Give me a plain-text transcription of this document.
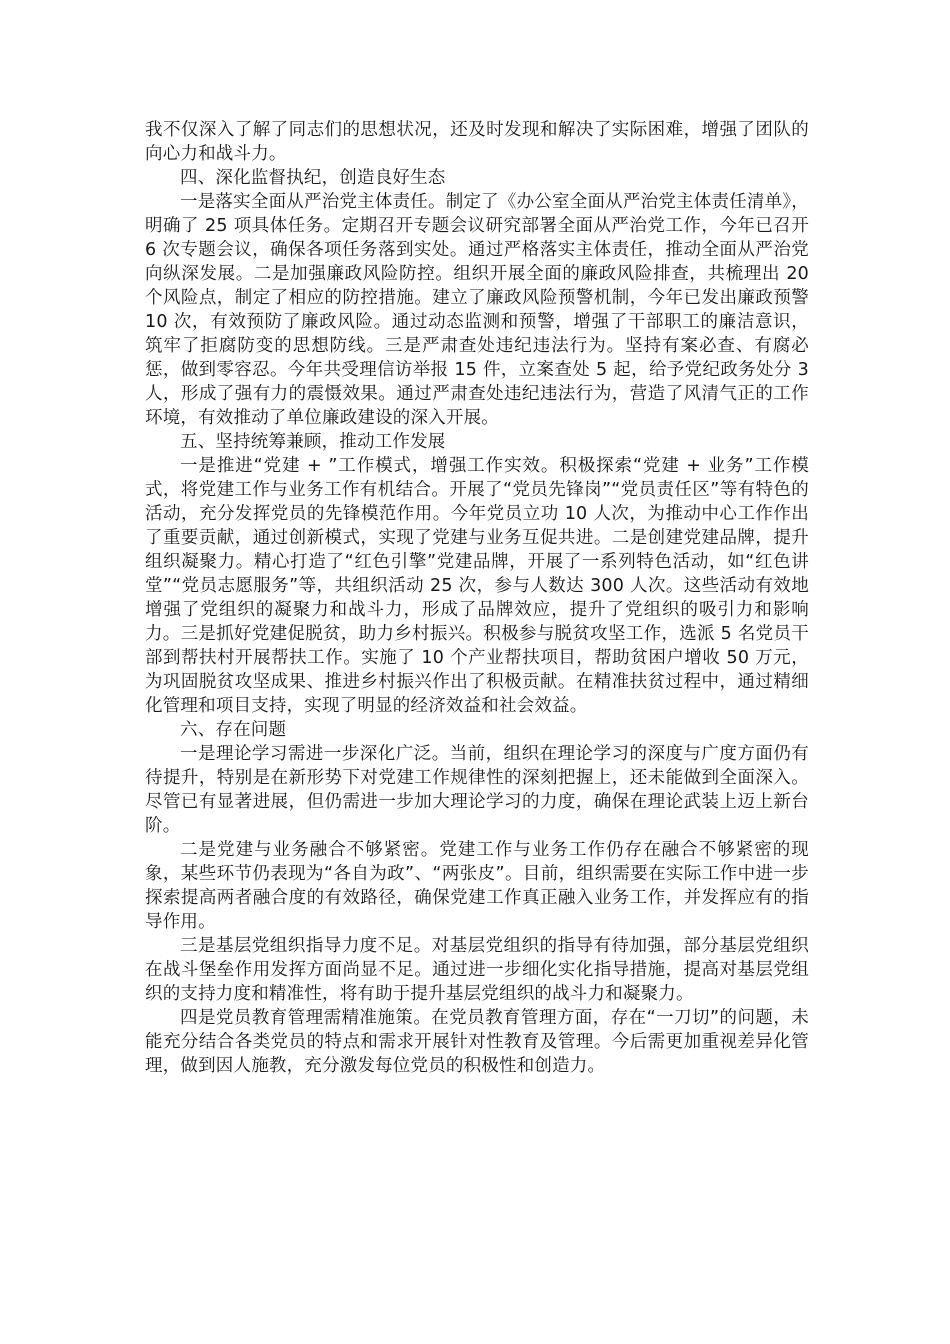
我不仅深入了解了同志们的思想状况，还及时发现和解决了实际困难，增强了团队的向心力和战斗力。

四、深化监督执纪，创造良好生态

一是落实全面从严治党主体责任。制定了《办公室全面从严治党主体责任清单》，明确了 25 项具体任务。定期召开专题会议研究部署全面从严治党工作，今年已召开 6 次专题会议，确保各项任务落到实处。通过严格落实主体责任，推动全面从严治党向纵深发展。二是加强廉政风险防控。组织开展全面的廉政风险排查，共梳理出 20 个风险点，制定了相应的防控措施。建立了廉政风险预警机制，今年已发出廉政预警 10 次，有效预防了廉政风险。通过动态监测和预警，增强了干部职工的廉洁意识，筑牢了拒腐防变的思想防线。三是严肃查处违纪违法行为。坚持有案必查、有腐必惩，做到零容忍。今年共受理信访举报 15 件，立案查处 5 起，给予党纪政务处分 3 人，形成了强有力的震慑效果。通过严肃查处违纪违法行为，营造了风清气正的工作环境，有效推动了单位廉政建设的深入开展。

五、坚持统筹兼顾，推动工作发展

一是推进“党建 + ”工作模式，增强工作实效。积极探索“党建 + 业务”工作模式，将党建工作与业务工作有机结合。开展了“党员先锋岗”“党员责任区”等有特色的活动，充分发挥党员的先锋模范作用。今年党员立功 10 人次，为推动中心工作作出了重要贡献，通过创新模式，实现了党建与业务互促共进。二是创建党建品牌，提升组织凝聚力。精心打造了“红色引擎”党建品牌，开展了一系列特色活动，如“红色讲堂”“党员志愿服务”等，共组织活动 25 次，参与人数达 300 人次。这些活动有效地增强了党组织的凝聚力和战斗力，形成了品牌效应，提升了党组织的吸引力和影响力。三是抓好党建促脱贫，助力乡村振兴。积极参与脱贫攻坚工作，选派 5 名党员干部到帮扶村开展帮扶工作。实施了 10 个产业帮扶项目，帮助贫困户增收 50 万元，为巩固脱贫攻坚成果、推进乡村振兴作出了积极贡献。在精准扶贫过程中，通过精细化管理和项目支持，实现了明显的经济效益和社会效益。

六、存在问题

一是理论学习需进一步深化广泛。当前，组织在理论学习的深度与广度方面仍有待提升，特别是在新形势下对党建工作规律性的深刻把握上，还未能做到全面深入。尽管已有显著进展，但仍需进一步加大理论学习的力度，确保在理论武装上迈上新台阶。

二是党建与业务融合不够紧密。党建工作与业务工作仍存在融合不够紧密的现象，某些环节仍表现为“各自为政”、“两张皮”。目前，组织需要在实际工作中进一步探索提高两者融合度的有效路径，确保党建工作真正融入业务工作，并发挥应有的指导作用。

三是基层党组织指导力度不足。对基层党组织的指导有待加强，部分基层党组织在战斗堡垒作用发挥方面尚显不足。通过进一步细化实化指导措施，提高对基层党组织的支持力度和精准性，将有助于提升基层党组织的战斗力和凝聚力。

四是党员教育管理需精准施策。在党员教育管理方面，存在“一刀切”的问题，未能充分结合各类党员的特点和需求开展针对性教育及管理。今后需更加重视差异化管理，做到因人施教，充分激发每位党员的积极性和创造力。
